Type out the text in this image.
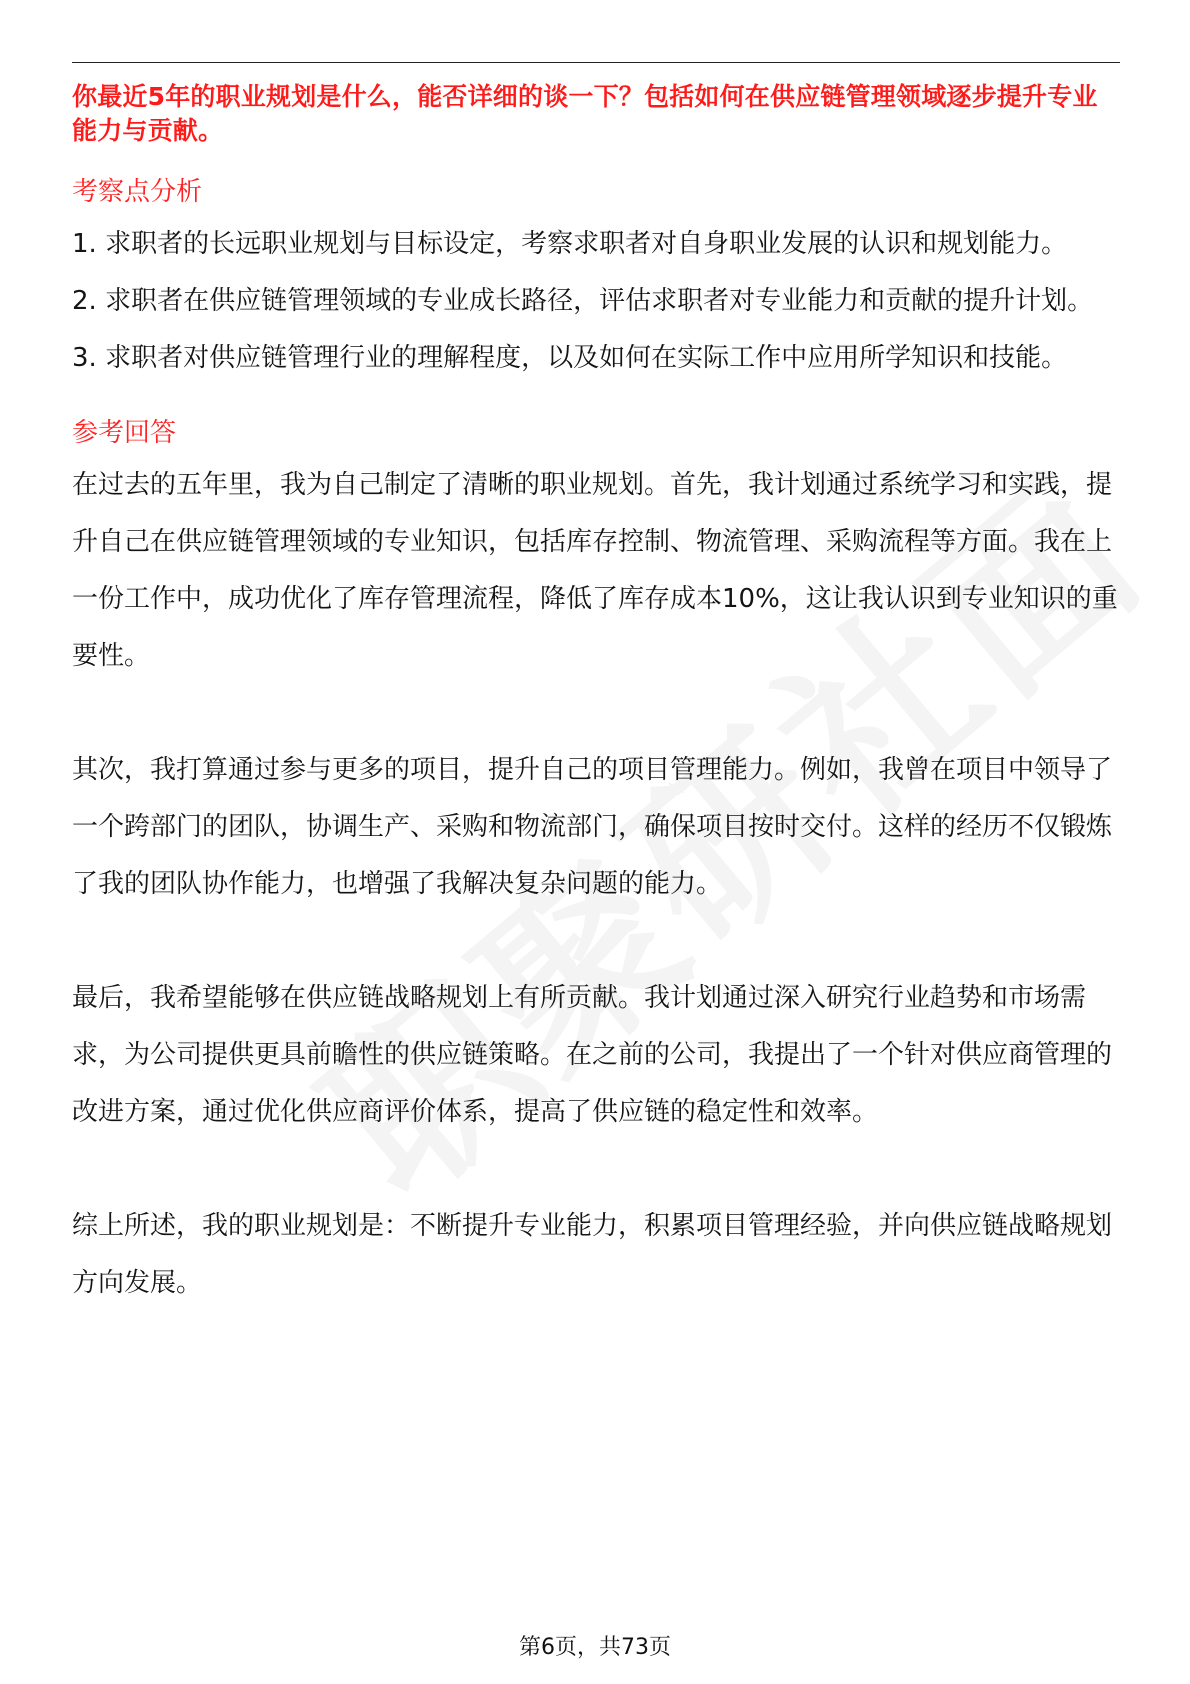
你最近5年的职业规划是什么，能否详细的谈一下？包括如何在供应链管理领域逐步提升专业能力与贡献。
考察点分析

1. 求职者的长远职业规划与目标设定，考察求职者对自身职业发展的认识和规划能力。

2. 求职者在供应链管理领域的专业成长路径，评估求职者对专业能力和贡献的提升计划。

3. 求职者对供应链管理行业的理解程度，以及如何在实际工作中应用所学知识和技能。

参考回答

在过去的五年里，我为自己制定了清晰的职业规划。首先，我计划通过系统学习和实践，提升自己在供应链管理领域的专业知识，包括库存控制、物流管理、采购流程等方面。我在上一份工作中，成功优化了库存管理流程，降低了库存成本10%，这让我认识到专业知识的重要性。

其次，我打算通过参与更多的项目，提升自己的项目管理能力。例如，我曾在项目中领导了一个跨部门的团队，协调生产、采购和物流部门，确保项目按时交付。这样的经历不仅锻炼了我的团队协作能力，也增强了我解决复杂问题的能力。

最后，我希望能够在供应链战略规划上有所贡献。我计划通过深入研究行业趋势和市场需求，为公司提供更具前瞻性的供应链策略。在之前的公司，我提出了一个针对供应商管理的改进方案，通过优化供应商评价体系，提高了供应链的稳定性和效率。

综上所述，我的职业规划是：不断提升专业能力，积累项目管理经验，并向供应链战略规划方向发展。

第6页，共73页
